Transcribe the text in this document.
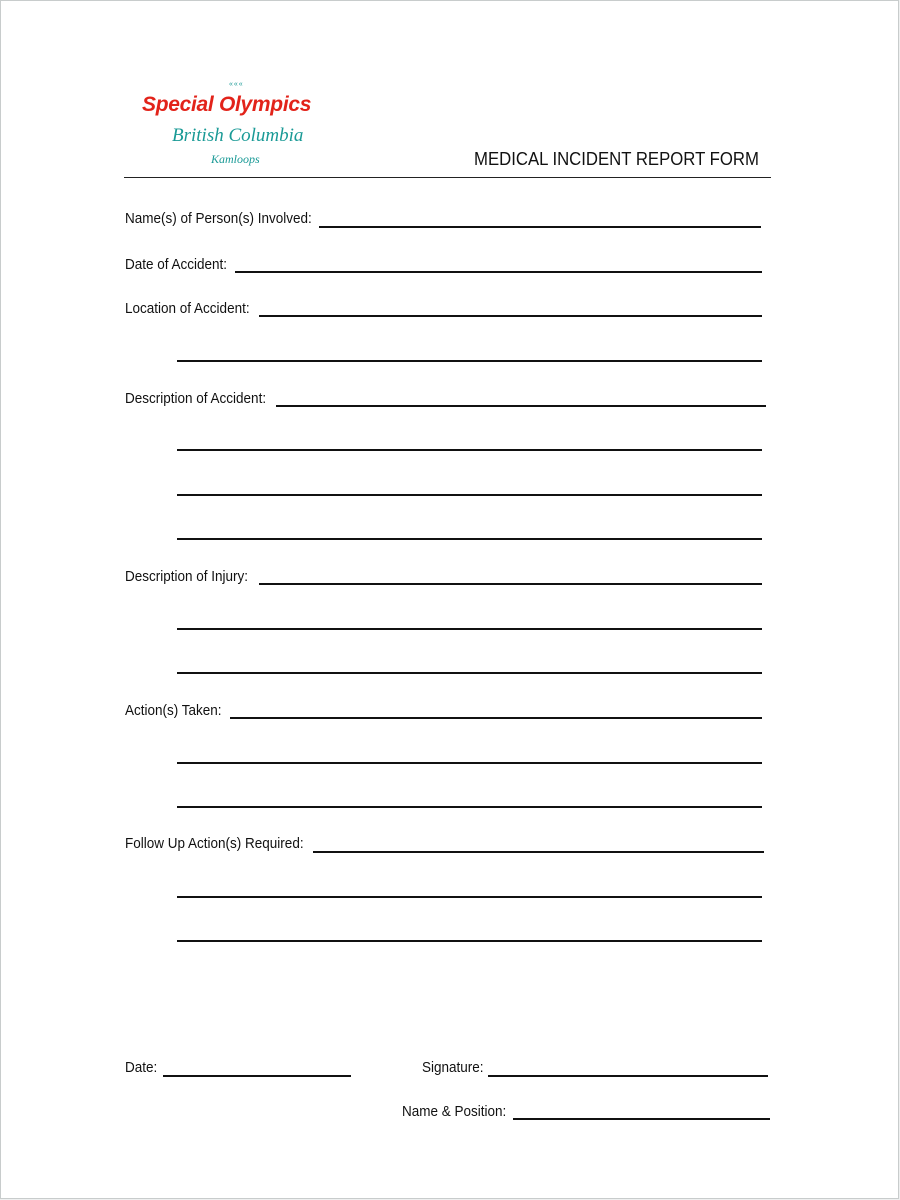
«««
Special Olympics
British Columbia
Kamloops	MEDICAL INCIDENT REPORT FORM
Name(s) of Person(s) Involved:
Date of Accident:
Location of Accident:
Description of Accident:
Description of Injury:
Action(s) Taken:
Follow Up Action(s) Required:
Date:	Signature:
Name & Position:
